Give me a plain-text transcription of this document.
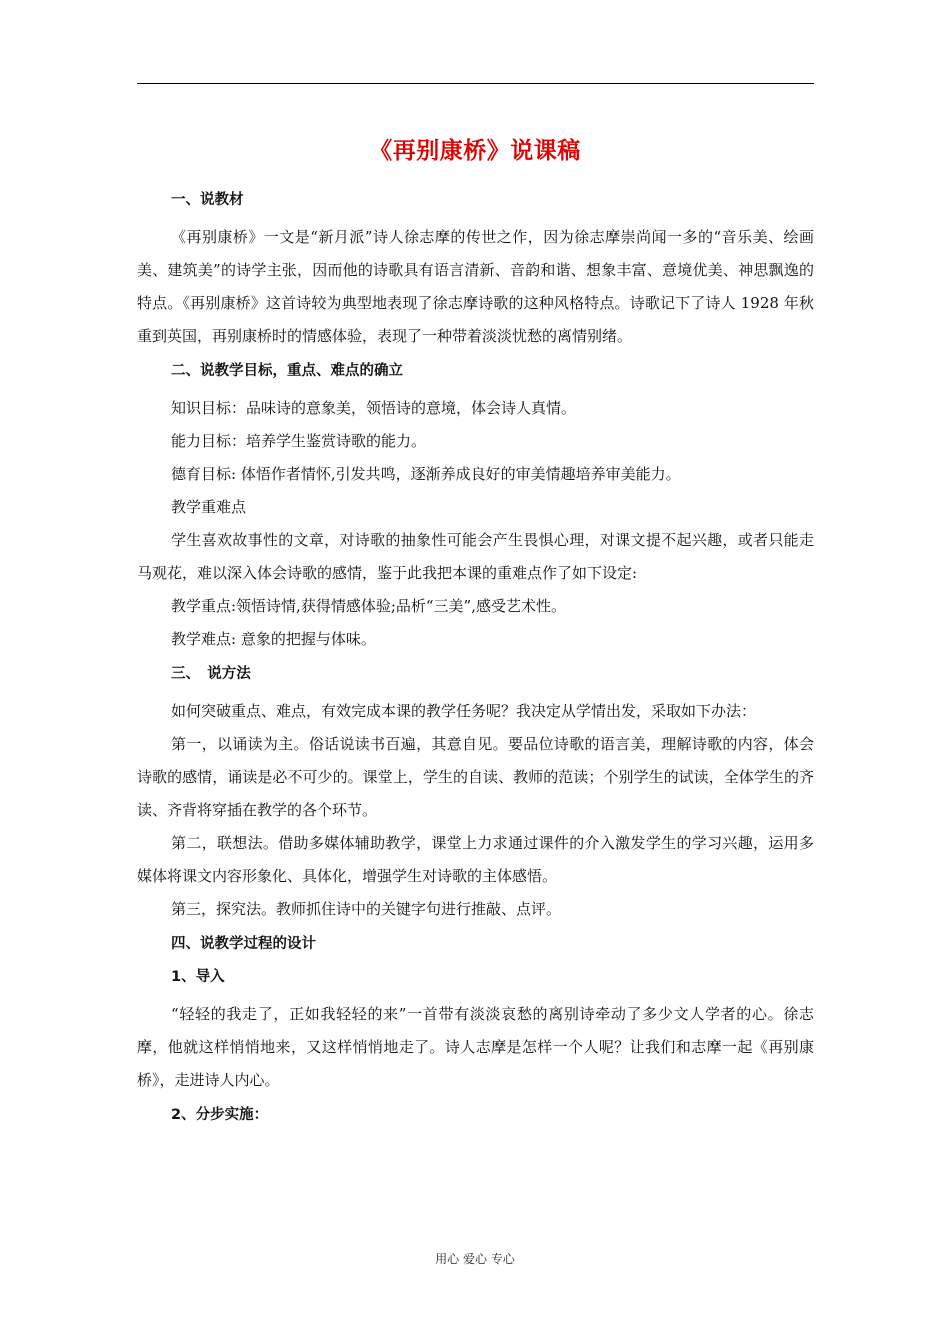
《再别康桥》说课稿
一、说教材

《再别康桥》一文是“新月派”诗人徐志摩的传世之作，因为徐志摩崇尚闻一多的“音乐美、绘画美、建筑美”的诗学主张，因而他的诗歌具有语言清新、音韵和谐、想象丰富、意境优美、神思飘逸的特点。《再别康桥》这首诗较为典型地表现了徐志摩诗歌的这种风格特点。诗歌记下了诗人 1928 年秋重到英国，再别康桥时的情感体验，表现了一种带着淡淡忧愁的离情别绪。

二、说教学目标，重点、难点的确立

知识目标：品味诗的意象美，领悟诗的意境，体会诗人真情。

能力目标：培养学生鉴赏诗歌的能力。

德育目标: 体悟作者情怀,引发共鸣，逐渐养成良好的审美情趣培养审美能力。

教学重难点

学生喜欢故事性的文章，对诗歌的抽象性可能会产生畏惧心理，对课文提不起兴趣，或者只能走马观花，难以深入体会诗歌的感情，鉴于此我把本课的重难点作了如下设定:

教学重点:领悟诗情,获得情感体验;品析“三美”,感受艺术性。

教学难点: 意象的把握与体味。

三、　说方法

如何突破重点、难点，有效完成本课的教学任务呢？我决定从学情出发，采取如下办法：

第一，以诵读为主。俗话说读书百遍，其意自见。要品位诗歌的语言美，理解诗歌的内容，体会诗歌的感情，诵读是必不可少的。课堂上，学生的自读、教师的范读；个别学生的试读，全体学生的齐读、齐背将穿插在教学的各个环节。

第二，联想法。借助多媒体辅助教学，课堂上力求通过课件的介入激发学生的学习兴趣，运用多媒体将课文内容形象化、具体化，增强学生对诗歌的主体感悟。

第三，探究法。教师抓住诗中的关键字句进行推敲、点评。

四、说教学过程的设计
1、导入

“轻轻的我走了，正如我轻轻的来”一首带有淡淡哀愁的离别诗牵动了多少文人学者的心。徐志摩，他就这样悄悄地来，又这样悄悄地走了。诗人志摩是怎样一个人呢？让我们和志摩一起《再别康桥》，走进诗人内心。

2、分步实施：
用心 爱心 专心
